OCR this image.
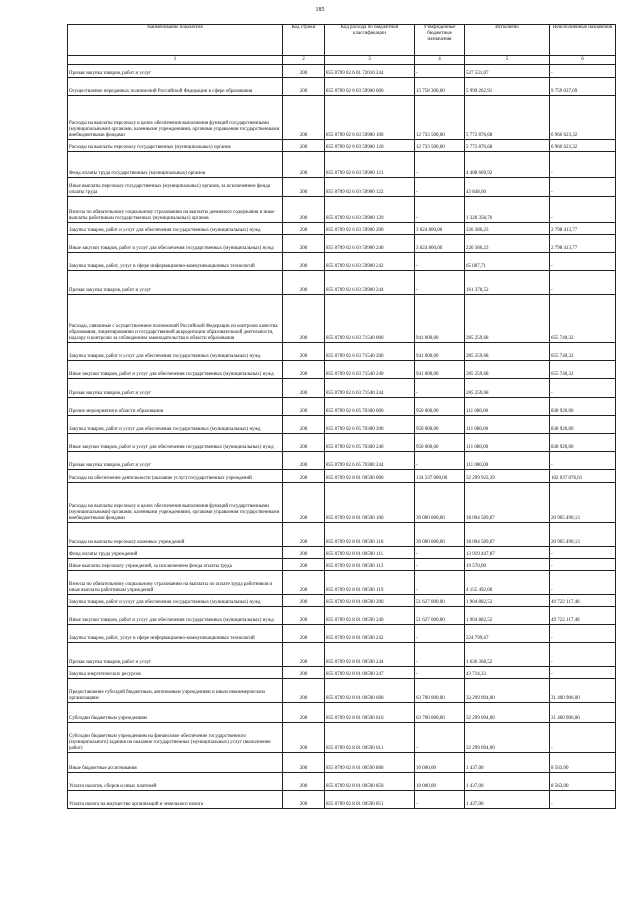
185
Наименование показателя	Код строки	Код расхода по бюджетной классификации	Утвержденные бюджетные назначения	Исполнено	Неисполненные назначения
1	2	3	4	5	6
Прочая закупка товаров, работ и услуг	200	855 0709 02 6 01 72010 244	-	527 531,07	-
Осуществление переданных полномочий Российской Федерации в сфере образования	200	855 0709 02 6 03 59900 000	15 758 300,00	5 999 262,91	9 759 037,09
Расходы на выплаты персоналу в целях обеспечения выполнения функций государственными (муниципальными) органами, казенными учреждениями, органами управления государственными внебюджетными фондами	200	855 0709 02 6 03 59900 100	12 733 500,00	5 772 876,68	6 960 623,32
Расходы на выплаты персоналу государственных (муниципальных) органов	200	855 0709 02 6 03 59900 120	12 733 500,00	5 772 876,68	6 960 623,32
Фонд оплаты труда государственных (муниципальных) органов	200	855 0709 02 6 03 59900 121	-	4 408 669,92	-
Иные выплаты персоналу государственных (муниципальных) органов, за исключением фонда оплаты труда	200	855 0709 02 6 03 59900 122	-	43 848,00	-
Взносы по обязательному социальному страхованию на выплаты денежного содержания и иные выплаты работникам государственных (муниципальных) органов	200	855 0709 02 6 03 59900 129	-	1 320 358,76	-
Закупка товаров, работ и услуг для обеспечения государственных (муниципальных) нужд	200	855 0709 02 6 03 59900 200	3 024 800,00	226 386,23	2 798 413,77
Иные закупки товаров, работ и услуг для обеспечения государственных (муниципальных) нужд	200	855 0709 02 6 03 59900 240	3 024 800,00	226 386,23	2 798 413,77
Закупка товаров, работ, услуг в сфере информационно-коммуникационных технологий	200	855 0709 02 6 03 59900 242	-	65 007,71	-
Прочая закупка товаров, работ и услуг	200	855 0709 02 6 03 59900 244	-	161 378,52	-
Расходы, связанные с осуществлением полномочий Российской Федерации по контролю качества образования, лицензированию и государственной аккредитации образовательной деятельности, надзору и контролю за соблюдением законодательства в области образования	200	855 0709 02 6 03 71540 000	941 000,00	285 259,68	655 740,32
Закупка товаров, работ и услуг для обеспечения государственных (муниципальных) нужд	200	855 0709 02 6 03 71540 200	941 000,00	285 259,68	655 740,32
Иные закупки товаров, работ и услуг для обеспечения государственных (муниципальных) нужд	200	855 0709 02 6 03 71540 240	941 000,00	285 259,68	655 740,32
Прочая закупка товаров, работ и услуг	200	855 0709 02 6 03 71540 244	-	285 259,68	-
Прочие мероприятия в области образования	200	855 0709 02 6 05 70300 000	950 000,00	111 080,00	838 920,00
Закупка товаров, работ и услуг для обеспечения государственных (муниципальных) нужд	200	855 0709 02 6 05 70300 200	950 000,00	111 080,00	838 920,00
Иные закупки товаров, работ и услуг для обеспечения государственных (муниципальных) нужд	200	855 0709 02 6 05 70300 240	950 000,00	111 080,00	838 920,00
Прочая закупка товаров, работ и услуг	200	855 0709 02 6 05 70300 244	-	111 080,00	-
Расходы на обеспечение деятельности (оказание услуг) государственных учреждений	200	855 0709 02 8 01 00590 000	134 337 000,00	32 299 923,39	102 037 076,61
Расходы на выплаты персоналу в целях обеспечения выполнения функций государственными (муниципальными) органами, казенными учреждениями, органами управления государственными внебюджетными фондами	200	855 0709 02 8 01 00590 100	39 000 000,00	18 094 509,87	20 905 490,13
Расходы на выплаты персоналу казенных учреждений	200	855 0709 02 8 01 00590 110	39 000 000,00	18 094 509,87	20 905 490,13
Фонд оплаты труда учреждений	200	855 0709 02 8 01 00590 111	-	13 919 447,87	-
Иные выплаты персоналу учреждений, за исключением фонда оплаты труда	200	855 0709 02 8 01 00590 112	-	19 570,00	-
Взносы по обязательному социальному страхованию на выплаты по оплате труда работников и иные выплаты работникам учреждений	200	855 0709 02 8 01 00590 119	-	4 155 492,00	-
Закупка товаров, работ и услуг для обеспечения государственных (муниципальных) нужд	200	855 0709 02 8 01 00590 200	51 627 000,00	1 904 882,52	49 722 117,48
Иные закупки товаров, работ и услуг для обеспечения государственных (муниципальных) нужд	200	855 0709 02 8 01 00590 240	51 627 000,00	1 904 882,52	49 722 117,48
Закупка товаров, работ, услуг в сфере информационно-коммуникационных технологий	200	855 0709 02 8 01 00590 242	-	224 799,67	-
Прочая закупка товаров, работ и услуг	200	855 0709 02 8 01 00590 244	-	1 636 368,52	-
Закупка энергетических ресурсов	200	855 0709 02 8 01 00590 247	-	43 714,33	-
Предоставление субсидий бюджетным, автономным учреждениям и иным некоммерческим организациям	200	855 0709 02 8 01 00590 600	63 700 000,00	32 299 094,00	31 400 906,00
Субсидии бюджетным учреждениям	200	855 0709 02 8 01 00590 610	63 700 000,00	32 299 094,00	31 400 906,00
Субсидии бюджетным учреждениям на финансовое обеспечение государственного (муниципального) задания на оказание государственных (муниципальных) услуг (выполнение работ)	200	855 0709 02 8 01 00590 611	-	32 299 094,00	-
Иные бюджетные ассигнования	200	855 0709 02 8 01 00590 800	10 000,00	1 437,00	8 563,00
Уплата налогов, сборов и иных платежей	200	855 0709 02 8 01 00590 850	10 000,00	1 437,00	8 563,00
Уплата налога на имущество организаций и земельного налога	200	855 0709 02 8 01 00590 851	-	1 437,00	-
